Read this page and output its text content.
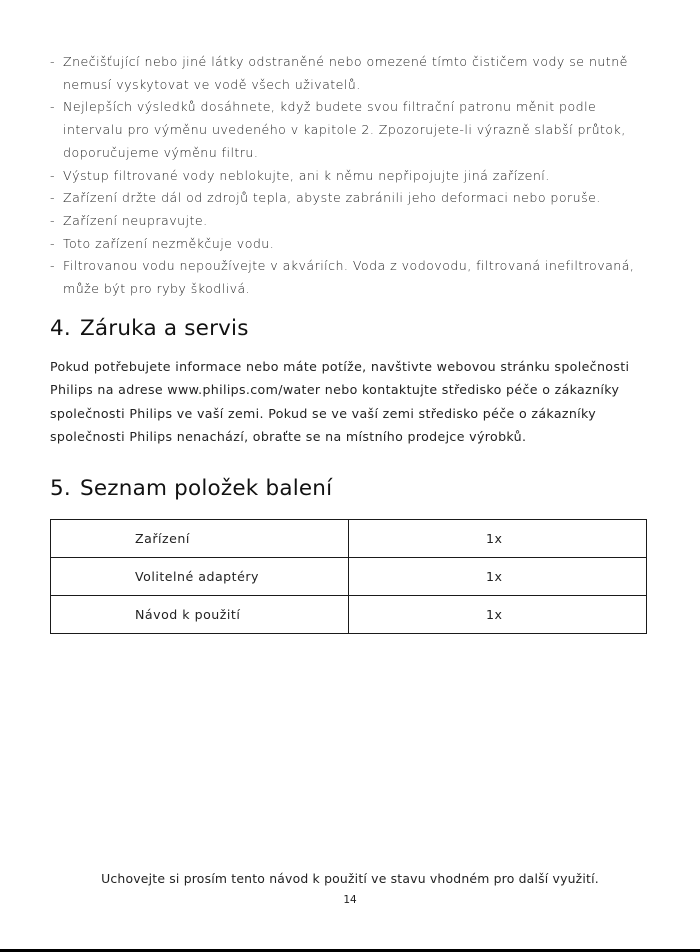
- Znečišťující nebo jiné látky odstraněné nebo omezené tímto čističem vody se nutně nemusí vyskytovat ve vodě všech uživatelů.
- Nejlepších výsledků dosáhnete, když budete svou filtrační patronu měnit podle intervalu pro výměnu uvedeného v kapitole 2. Zpozorujete-li výrazně slabší průtok, doporučujeme výměnu filtru.
- Výstup filtrované vody neblokujte, ani k němu nepřipojujte jiná zařízení.
- Zařízení držte dál od zdrojů tepla, abyste zabránili jeho deformaci nebo poruše.
- Zařízení neupravujte.
- Toto zařízení nezměkčuje vodu.
- Filtrovanou vodu nepoužívejte v akváriích. Voda z vodovodu, filtrovaná inefiltrovaná, může být pro ryby škodlivá.
4. Záruka a servis

Pokud potřebujete informace nebo máte potíže, navštivte webovou stránku společnosti Philips na adrese www.philips.com/water nebo kontaktujte středisko péče o zákazníky společnosti Philips ve vaší zemi. Pokud se ve vaší zemi středisko péče o zákazníky společnosti Philips nenachází, obraťte se na místního prodejce výrobků.

5. Seznam položek balení
Zařízení	1x
Volitelné adaptéry	1x
Návod k použití	1x
Uchovejte si prosím tento návod k použití ve stavu vhodném pro další využití.
14
